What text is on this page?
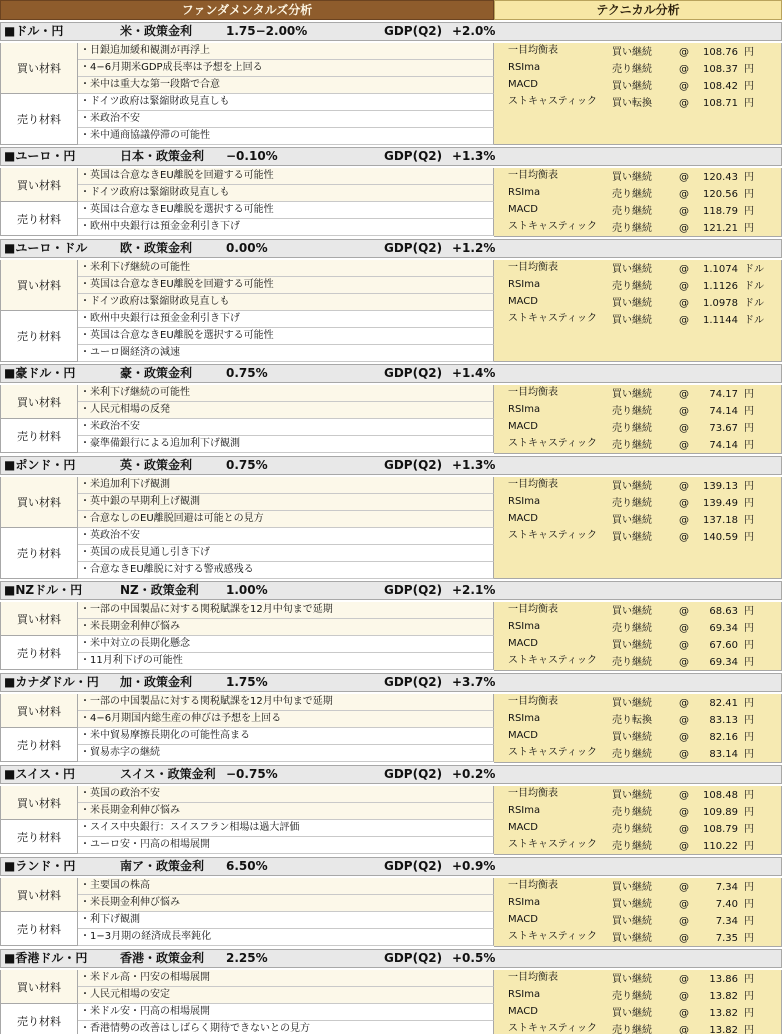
ファンダメンタルズ分析	テクニカル分析
■ドル・円	米・政策金利	1.75−2.00%	GDP(Q2) +2.0%
買い材料
・日銀追加緩和観測が再浮上
・4−6月期米GDP成長率は予想を上回る
・米中は重大な第一段階で合意
売り材料
・ドイツ政府は緊縮財政見直しも
・米政治不安
・米中通商協議停滞の可能性
一目均衡表	買い継続	@	108.76 円
RSIma	売り継続	@	108.37 円
MACD	買い継続	@	108.42 円
ストキャスティック 買い転換	@	108.71 円
■ユーロ・円	日本・政策金利 −0.10%	GDP(Q2) +1.3%
買い材料
・英国は合意なきEU離脱を回避する可能性
・ドイツ政府は緊縮財政見直しも
売り材料
・英国は合意なきEU離脱を選択する可能性
・欧州中央銀行は預金金利引き下げ
一目均衡表	買い継続	@	120.43 円
RSIma	売り継続	@	120.56 円
MACD	売り継続	@	118.79 円
ストキャスティック 売り継続	@	121.21 円
■ユーロ・ドル	欧・政策金利	0.00%	GDP(Q2) +1.2%
買い材料
・米利下げ継続の可能性
・英国は合意なきEU離脱を回避する可能性
・ドイツ政府は緊縮財政見直しも
売り材料
・欧州中央銀行は預金金利引き下げ
・英国は合意なきEU離脱を選択する可能性
・ユーロ圏経済の減速
一目均衡表	買い継続	@	1.1074 ドル
RSIma	売り継続	@	1.1126 ドル
MACD	買い継続	@	1.0978 ドル
ストキャスティック 買い継続	@	1.1144 ドル
■豪ドル・円	豪・政策金利	0.75%	GDP(Q2) +1.4%
買い材料
・米利下げ継続の可能性
・人民元相場の反発
売り材料
・米政治不安
・豪準備銀行による追加利下げ観測
一目均衡表	買い継続	@	74.17 円
RSIma	売り継続	@	74.14 円
MACD	売り継続	@	73.67 円
ストキャスティック 売り継続	@	74.14 円
■ポンド・円	英・政策金利	0.75%	GDP(Q2) +1.3%
買い材料
・米追加利下げ観測
・英中銀の早期利上げ観測
・合意なしのEU離脱回避は可能との見方
売り材料
・英政治不安
・英国の成長見通し引き下げ
・合意なきEU離脱に対する警戒感残る
一目均衡表	買い継続	@	139.13 円
RSIma	売り継続	@	139.49 円
MACD	買い継続	@	137.18 円
ストキャスティック 買い継続	@	140.59 円
■NZドル・円	NZ・政策金利 1.00%	GDP(Q2) +2.1%
買い材料
・一部の中国製品に対する関税賦課を12月中旬まで延期
・米長期金利伸び悩み
売り材料
・米中対立の長期化懸念
・11月利下げの可能性
一目均衡表	買い継続	@	68.63 円
RSIma	売り継続	@	69.34 円
MACD	買い継続	@	67.60 円
ストキャスティック 売り継続	@	69.34 円
■カナダドル・円 加・政策金利	1.75%	GDP(Q2) +3.7%
買い材料
・一部の中国製品に対する関税賦課を12月中旬まで延期
・4−6月期国内総生産の伸びは予想を上回る
売り材料
・米中貿易摩擦長期化の可能性高まる
・貿易赤字の継続
一目均衡表	買い継続	@	82.41 円
RSIma	売り転換	@	83.13 円
MACD	買い継続	@	82.16 円
ストキャスティック 売り継続	@	83.14 円
■スイス・円	スイス・政策金利 −0.75%	GDP(Q2) +0.2%
買い材料
・英国の政治不安
・米長期金利伸び悩み
売り材料
・スイス中央銀行：スイスフラン相場は過大評価
・ユーロ安・円高の相場展開
一目均衡表	買い継続	@	108.48 円
RSIma	売り継続	@	109.89 円
MACD	売り継続	@	108.79 円
ストキャスティック 売り継続	@	110.22 円
■ランド・円	南ア・政策金利 6.50%	GDP(Q2) +0.9%
買い材料
・主要国の株高
・米長期金利伸び悩み
売り材料
・利下げ観測
・1−3月期の経済成長率鈍化
一目均衡表	買い継続	@	7.34 円
RSIma	買い継続	@	7.40 円
MACD	買い継続	@	7.34 円
ストキャスティック 買い継続	@	7.35 円
■香港ドル・円	香港・政策金利 2.25%	GDP(Q2) +0.5%
買い材料
・米ドル高・円安の相場展開
・人民元相場の安定
売り材料
・米ドル安・円高の相場展開
・香港情勢の改善はしばらく期待できないとの見方
一目均衡表	買い継続	@	13.86 円
RSIma	売り継続	@	13.82 円
MACD	買い継続	@	13.82 円
ストキャスティック 売り継続	@	13.82 円
